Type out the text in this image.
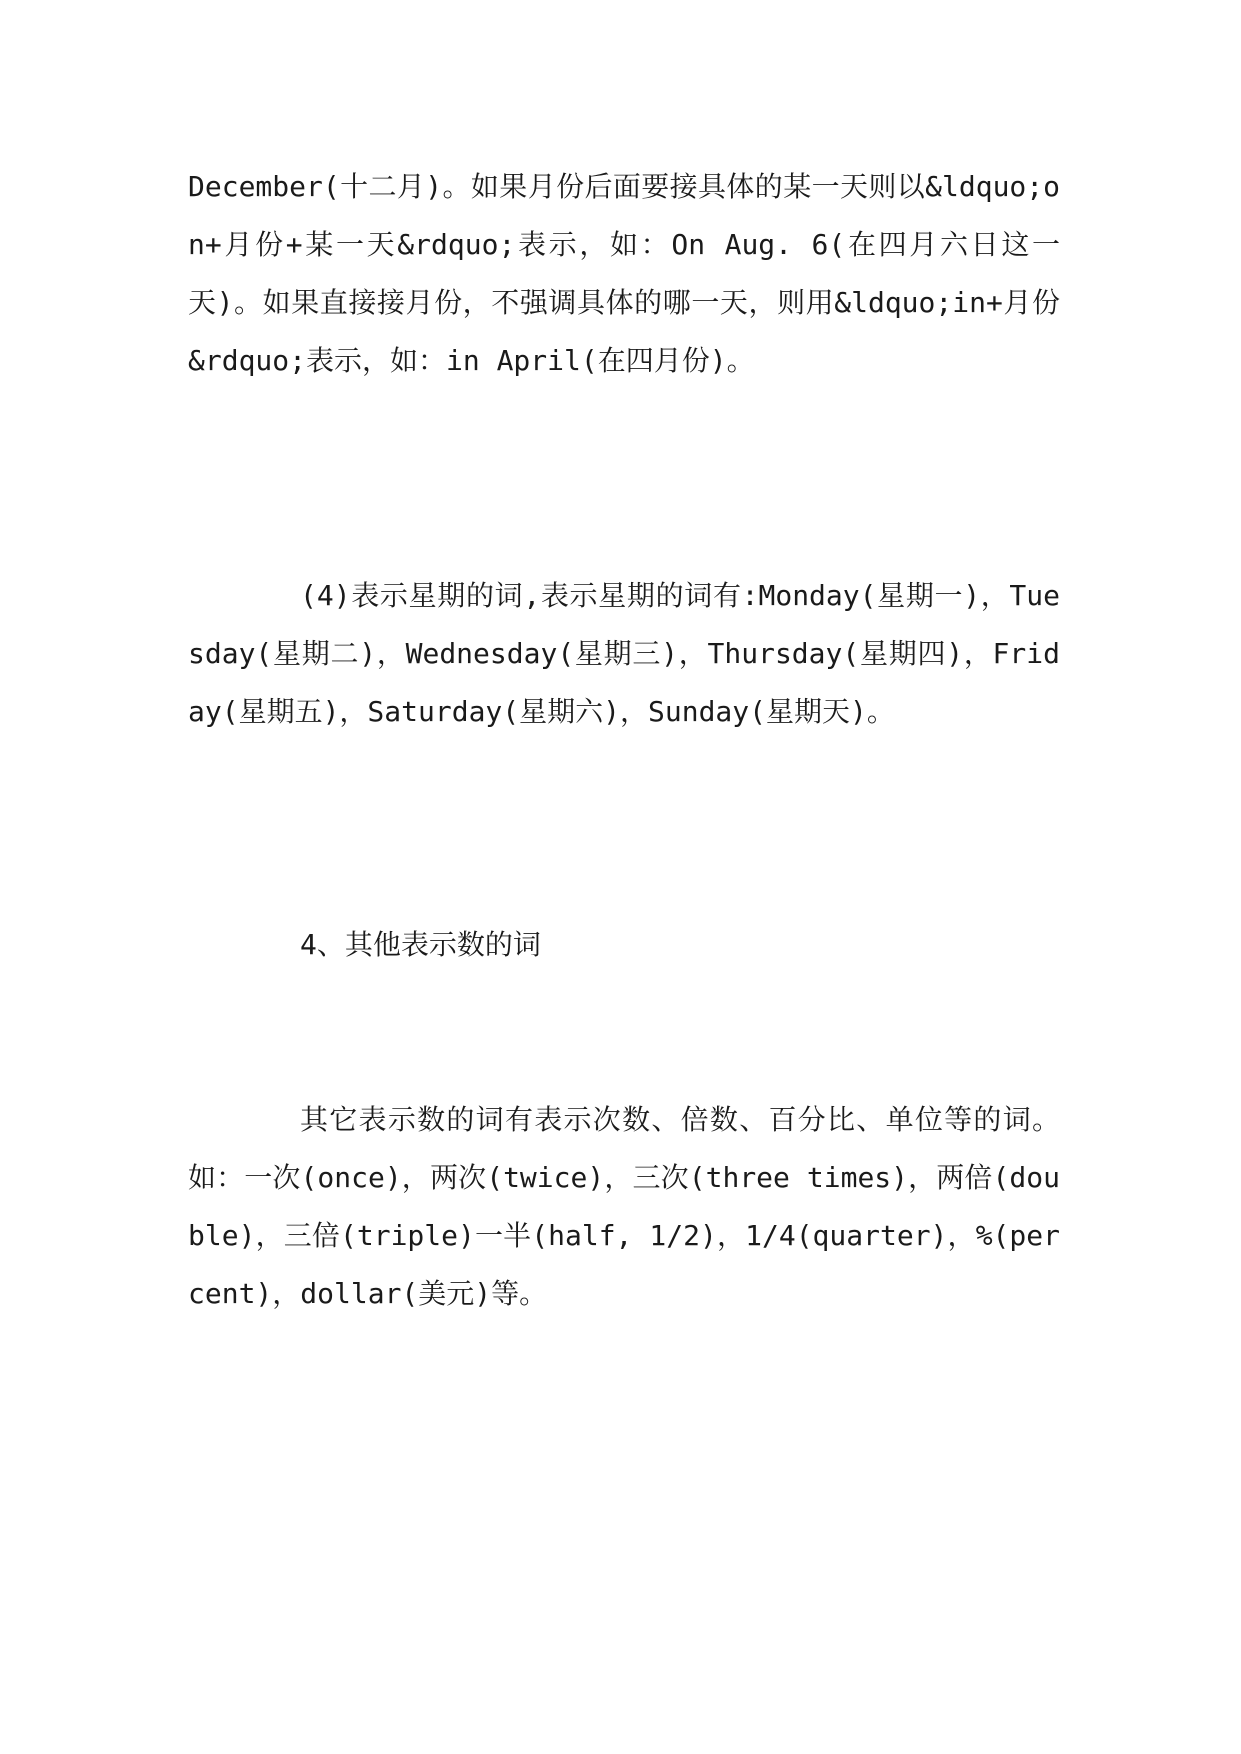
December(十二月)。如果月份后面要接具体的某一天则以&ldquo;on+月份+某一天&rdquo;表示，如：On Aug. 6(在四月六日这一天)。如果直接接月份，不强调具体的哪一天，则用&ldquo;in+月份&rdquo;表示，如：in April(在四月份)。

(4)表示星期的词,表示星期的词有:Monday(星期一)，Tuesday(星期二)，Wednesday(星期三)，Thursday(星期四)，Friday(星期五)，Saturday(星期六)，Sunday(星期天)。

4、其他表示数的词

其它表示数的词有表示次数、倍数、百分比、单位等的词。如：一次(once)，两次(twice)，三次(three times)，两倍(double)，三倍(triple)一半(half, 1/2)，1/4(quarter)，%(percent)，dollar(美元)等。
